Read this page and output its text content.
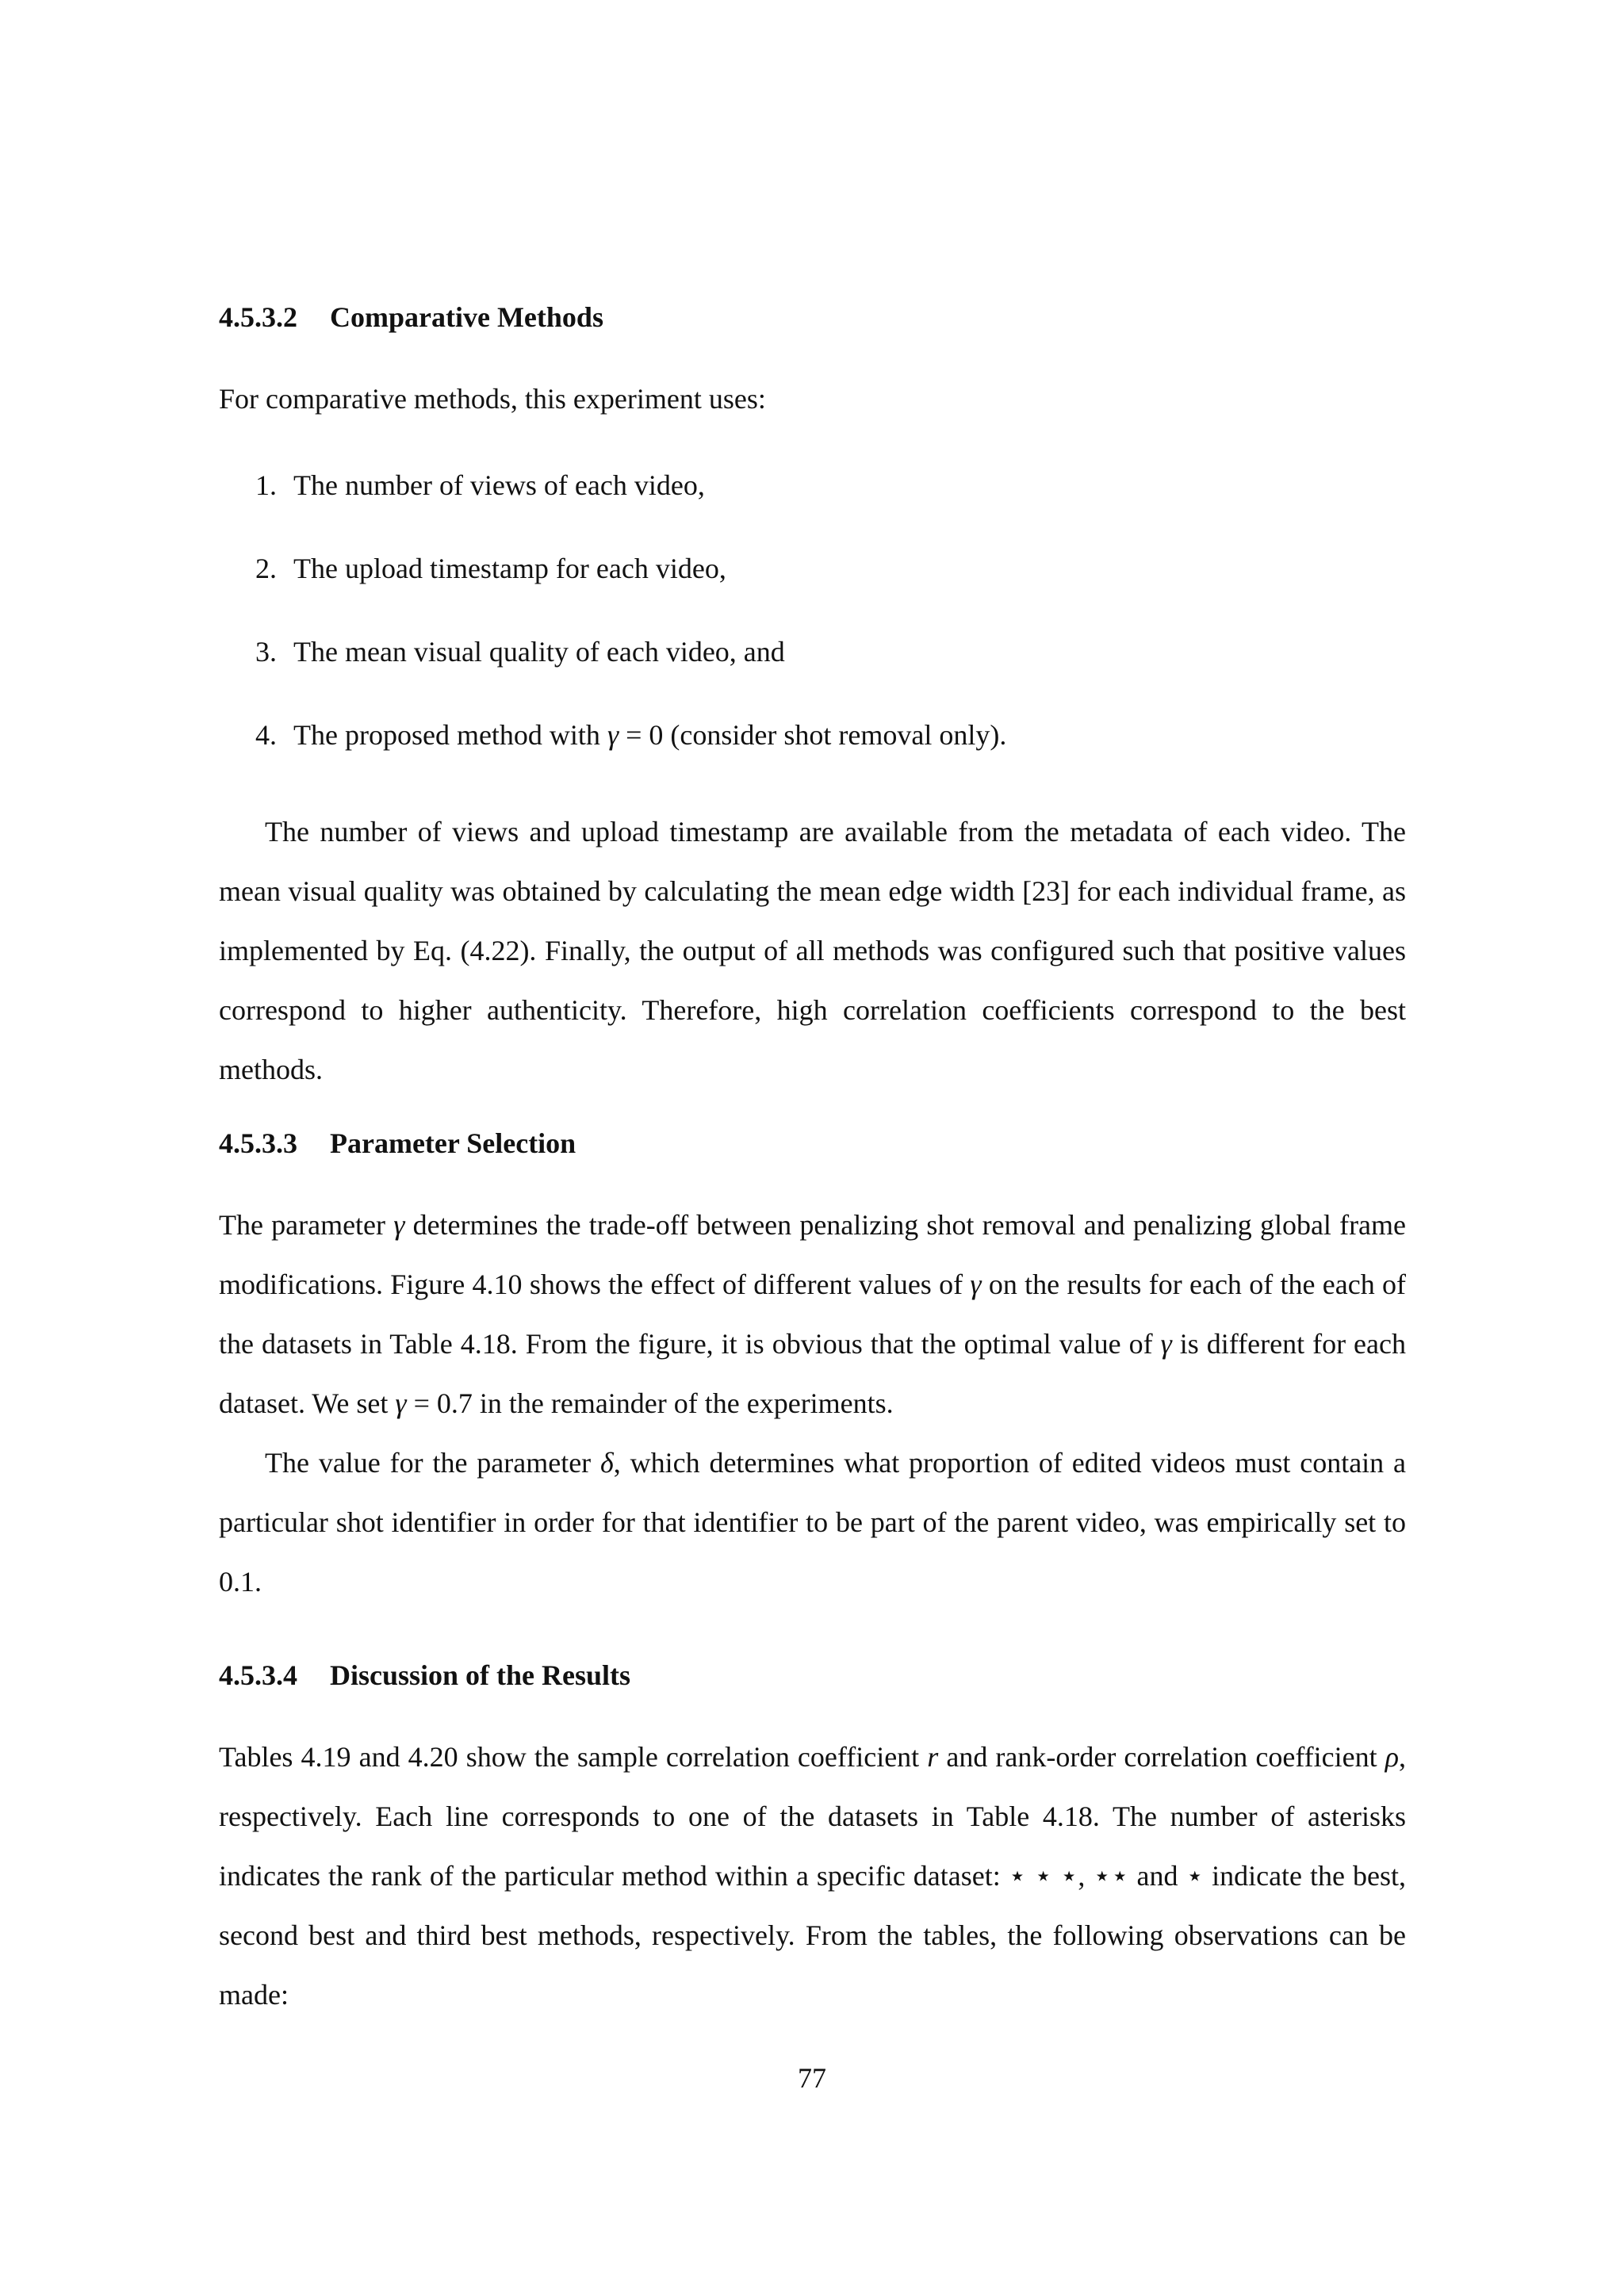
4.5.3.2 Comparative Methods

For comparative methods, this experiment uses:

1. The number of views of each video,
2. The upload timestamp for each video,
3. The mean visual quality of each video, and
4. The proposed method with γ = 0 (consider shot removal only).

The number of views and upload timestamp are available from the metadata of each video. The mean visual quality was obtained by calculating the mean edge width [23] for each individual frame, as implemented by Eq. (4.22). Finally, the output of all methods was configured such that positive values correspond to higher authenticity. Therefore, high correlation coefficients correspond to the best methods.

4.5.3.3 Parameter Selection

The parameter γ determines the trade-off between penalizing shot removal and penalizing global frame modifications. Figure 4.10 shows the effect of different values of γ on the results for each of the each of the datasets in Table 4.18. From the figure, it is obvious that the optimal value of γ is different for each dataset. We set γ = 0.7 in the remainder of the experiments.

The value for the parameter δ, which determines what proportion of edited videos must contain a particular shot identifier in order for that identifier to be part of the parent video, was empirically set to 0.1.

4.5.3.4 Discussion of the Results

Tables 4.19 and 4.20 show the sample correlation coefficient r and rank-order correlation coefficient ρ, respectively. Each line corresponds to one of the datasets in Table 4.18. The number of asterisks indicates the rank of the particular method within a specific dataset: ⋆ ⋆ ⋆, ⋆⋆ and ⋆ indicate the best, second best and third best methods, respectively. From the tables, the following observations can be made:

77
